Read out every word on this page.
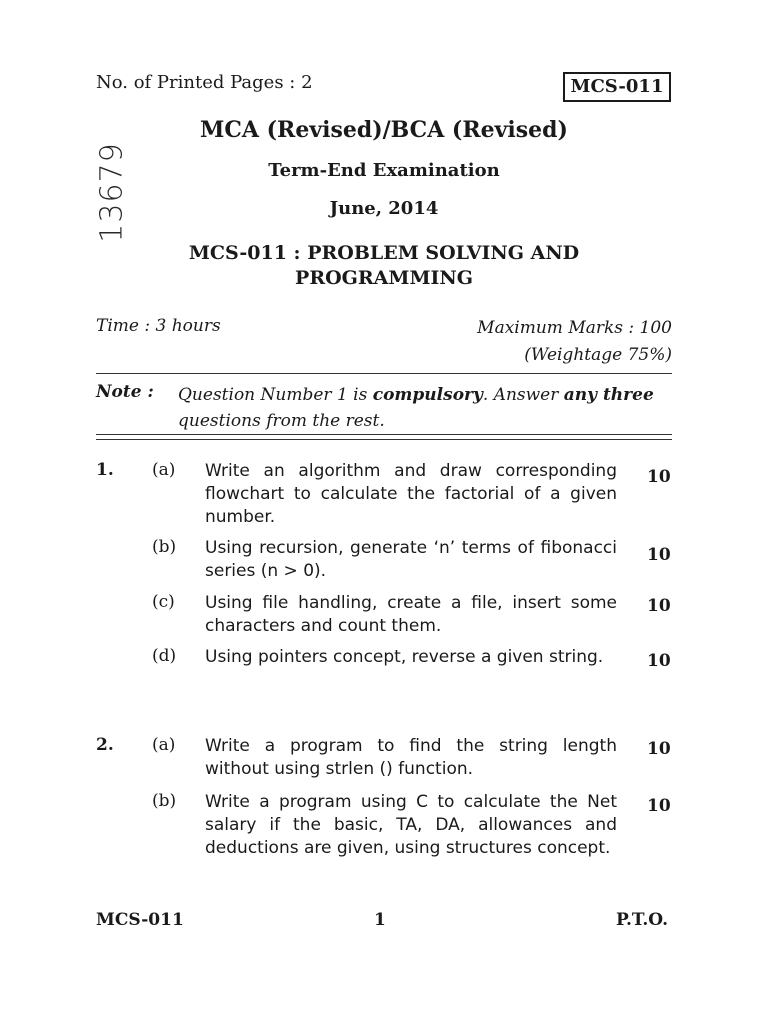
No. of Printed Pages : 2	MCS-011
13679
MCA (Revised)/BCA (Revised)
Term-End Examination
June, 2014
MCS-011 : PROBLEM SOLVING AND
PROGRAMMING
Time : 3 hours	Maximum Marks : 100
(Weightage 75%)
Note : Question Number 1 is compulsory. Answer any three questions from the rest.
1. (a) Write an algorithm and draw corresponding flowchart to calculate the factorial of a given number.
10
(b) Using recursion, generate ‘n’ terms of fibonacci series (n > 0).
10
(c) Using file handling, create a file, insert some characters and count them.
10
(d) Using pointers concept, reverse a given string.	10
2. (a) Write a program to find the string length without using strlen () function.
10
(b) Write a program using C to calculate the Net salary if the basic, TA, DA, allowances and deductions are given, using structures concept.
10
MCS-011	1	P.T.O.
